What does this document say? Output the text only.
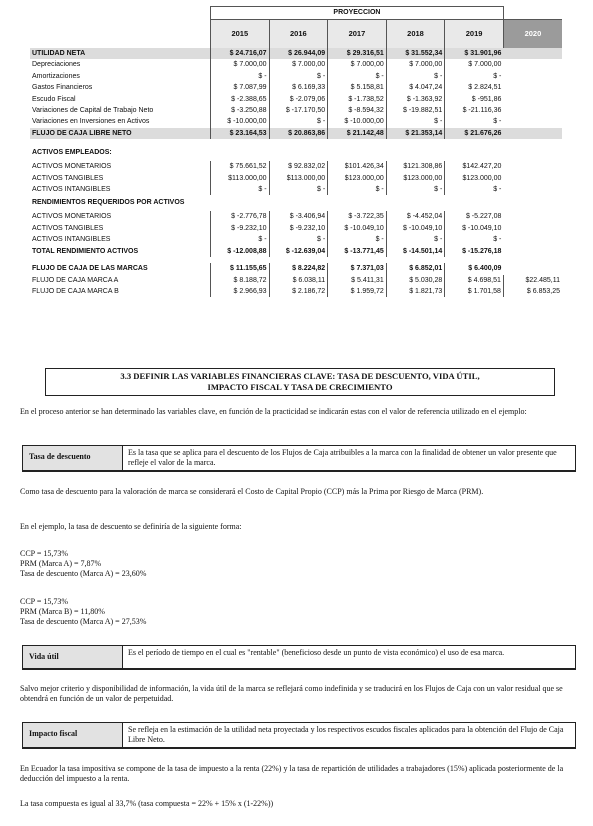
	PROYECCION					
	2015	2016	2017	2018	2019	2020
UTILIDAD NETA	$ 24.716,07	$ 26.944,09	$ 29.316,51	$ 31.552,34	$ 31.901,96	
Depreciaciones	$ 7.000,00	$ 7.000,00	$ 7.000,00	$ 7.000,00	$ 7.000,00	
Amortizaciones	$ -	$ -	$ -	$ -	$ -	
Gastos Financieros	$ 7.087,99	$ 6.169,33	$ 5.158,81	$ 4.047,24	$ 2.824,51	
Escudo Fiscal	$ -2.388,65	$ -2.079,06	$ -1.738,52	$ -1.363,92	$ -951,86	
Variaciones de Capital de Trabajo Neto	$ -3.250,88	$ -17.170,50	$ -8.594,32	$ -19.882,51	$ -21.116,36	
Variaciones en Inversiones en Activos	$ -10.000,00	$ -	$ -10.000,00	$ -	$ -	
FLUJO DE CAJA LIBRE NETO	$ 23.164,53	$ 20.863,86	$ 21.142,48	$ 21.353,14	$ 21.676,26	

ACTIVOS EMPLEADOS:						
ACTIVOS MONETARIOS	$ 75.661,52	$ 92.832,02	$101.426,34	$121.308,86	$142.427,20	
ACTIVOS TANGIBLES	$113.000,00	$113.000,00	$123.000,00	$123.000,00	$123.000,00	
ACTIVOS INTANGIBLES	$ -	$ -	$ -	$ -	$ -	
RENDIMIENTOS REQUERIDOS POR ACTIVOS						
ACTIVOS MONETARIOS	$ -2.776,78	$ -3.406,94	$ -3.722,35	$ -4.452,04	$ -5.227,08	
ACTIVOS TANGIBLES	$ -9.232,10	$ -9.232,10	$ -10.049,10	$ -10.049,10	$ -10.049,10	
ACTIVOS INTANGIBLES	$ -	$ -	$ -	$ -	$ -	
TOTAL RENDIMIENTO ACTIVOS	$ -12.008,88	$ -12.639,04	$ -13.771,45	$ -14.501,14	$ -15.276,18	

FLUJO DE CAJA DE LAS MARCAS	$ 11.155,65	$ 8.224,82	$ 7.371,03	$ 6.852,01	$ 6.400,09	
FLUJO DE CAJA MARCA A	$ 8.188,72	$ 6.038,11	$ 5.411,31	$ 5.030,28	$ 4.698,51	$22.485,11
FLUJO DE CAJA MARCA B	$ 2.966,93	$ 2.186,72	$ 1.959,72	$ 1.821,73	$ 1.701,58	$ 6.853,25
3.3 DEFINIR LAS VARIABLES FINANCIERAS CLAVE: TASA DE DESCUENTO, VIDA ÚTIL,
IMPACTO FISCAL Y TASA DE CRECIMIENTO
En el proceso anterior se han determinado las variables clave, en función de la practicidad se indicarán estas con el valor de referencia utilizado en el ejemplo:
Tasa de descuento	Es la tasa que se aplica para el descuento de los Flujos de Caja atribuibles a la marca con la finalidad de obtener un valor presente que refleje el valor de la marca.
Como tasa de descuento para la valoración de marca se considerará el Costo de Capital Propio (CCP) más la Prima por Riesgo de Marca (PRM).
En el ejemplo, la tasa de descuento se definiría de la siguiente forma:
CCP = 15,73%
PRM (Marca A) = 7,87%
Tasa de descuento (Marca A) = 23,60%
CCP = 15,73%
PRM (Marca B) = 11,80%
Tasa de descuento (Marca A) = 27,53%
Vida útil	Es el período de tiempo en el cual es "rentable" (beneficioso desde un punto de vista económico) el uso de esa marca.
Salvo mejor criterio y disponibilidad de información, la vida útil de la marca se reflejará como indefinida y se traducirá en los Flujos de Caja con un valor residual que se obtendrá en función de un valor de perpetuidad.
Impacto fiscal	Se refleja en la estimación de la utilidad neta proyectada y los respectivos escudos fiscales aplicados para la obtención del Flujo de Caja Libre Neto.
En Ecuador la tasa impositiva se compone de la tasa de impuesto a la renta (22%) y la tasa de repartición de utilidades a trabajadores (15%) aplicada posteriormente de la deducción del impuesto a la renta.
La tasa compuesta es igual al 33,7% (tasa compuesta = 22% + 15% x (1-22%))
